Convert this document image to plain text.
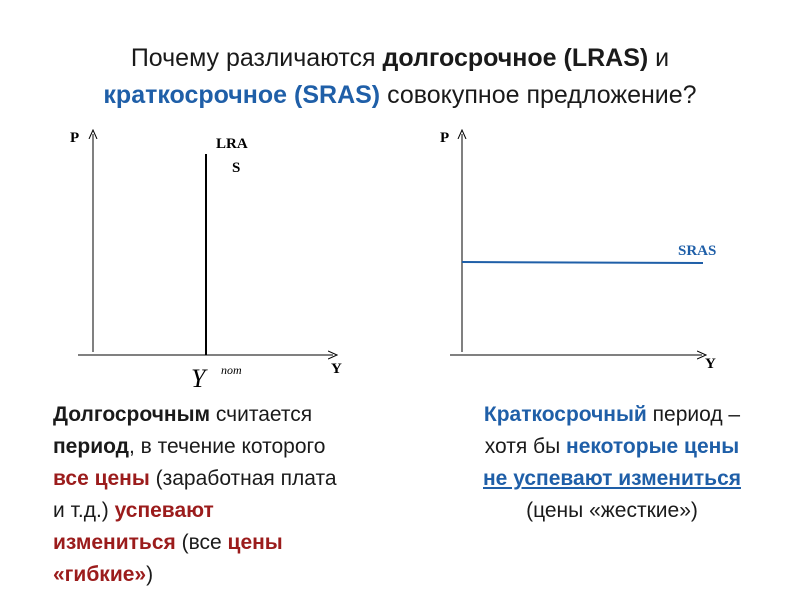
Почему различаются долгосрочное (LRAS) и
краткосрочное (SRAS) совокупное предложение?
P
Y
LRA
S
Y nom
P
Y
SRAS
Долгосрочным считается
период, в течение которого
все цены (заработная плата
и т.д.) успевают
измениться (все цены
«гибкие»)
Краткосрочный период –
хотя бы некоторые цены
не успевают измениться
(цены «жесткие»)
